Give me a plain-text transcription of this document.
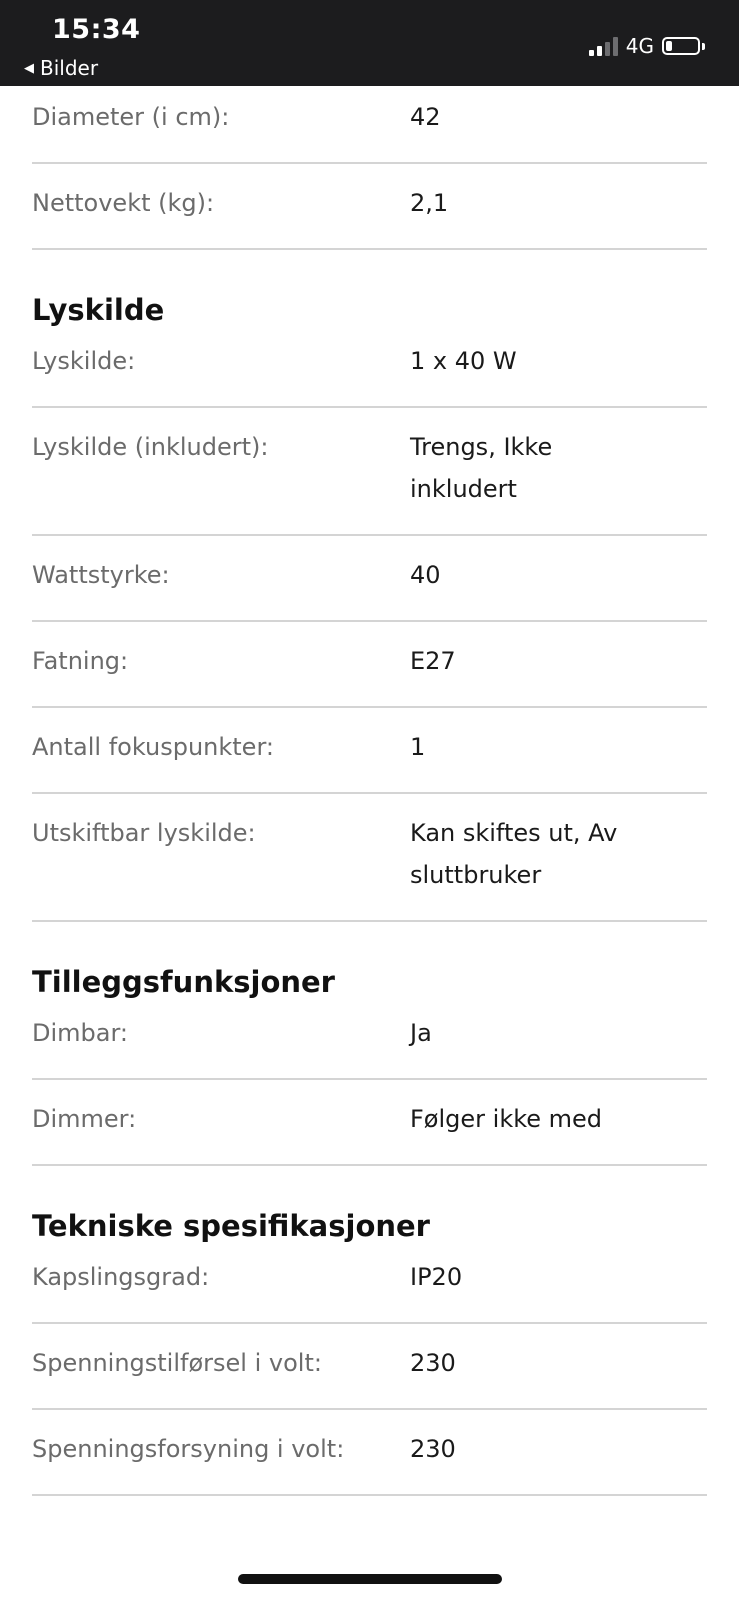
15:34
◀ Bilder
4G
Diameter (i cm):	42
Nettovekt (kg):	2,1
Lyskilde
Lyskilde:	1 x 40 W
Lyskilde (inkludert):	Trengs, Ikke inkludert
Wattstyrke:	40
Fatning:	E27
Antall fokuspunkter:	1
Utskiftbar lyskilde:	Kan skiftes ut, Av sluttbruker
Tilleggsfunksjoner
Dimbar:	Ja
Dimmer:	Følger ikke med
Tekniske spesifikasjoner
Kapslingsgrad:	IP20
Spenningstilførsel i volt:	230
Spenningsforsyning i volt:	230
